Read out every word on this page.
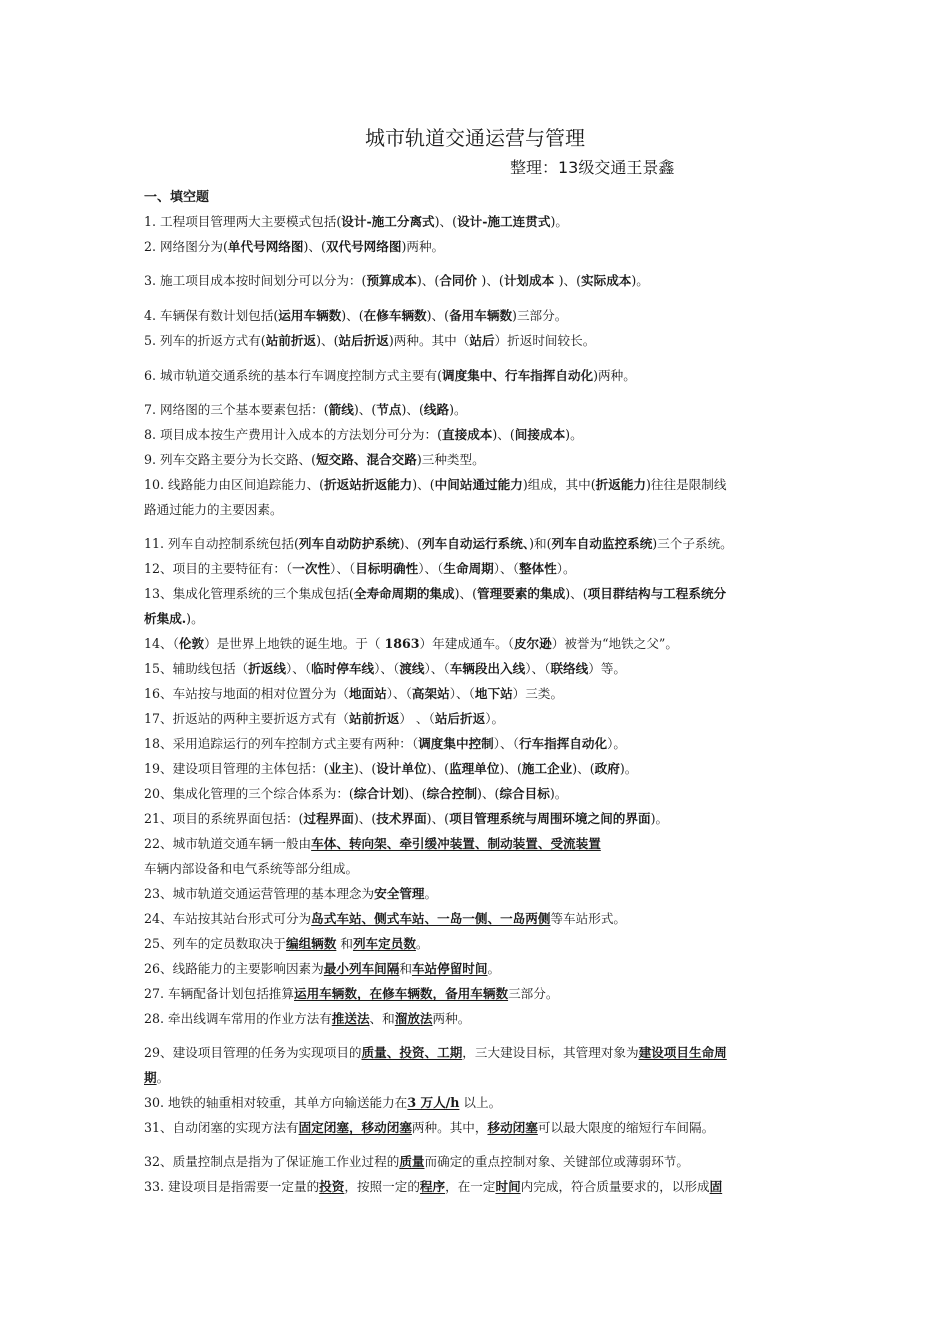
城市轨道交通运营与管理

整理：13级交通王景鑫

一、填空题
1. 工程项目管理两大主要模式包括(设计-施工分离式)、(设计-施工连贯式)。
2. 网络图分为(单代号网络图)、(双代号网络图)两种。
3. 施工项目成本按时间划分可以分为：(预算成本)、(合同价 )、(计划成本 )、(实际成本)。
4. 车辆保有数计划包括(运用车辆数)、(在修车辆数)、(备用车辆数)三部分。
5. 列车的折返方式有(站前折返)、(站后折返)两种。其中（站后）折返时间较长。
6. 城市轨道交通系统的基本行车调度控制方式主要有(调度集中、行车指挥自动化)两种。
7. 网络图的三个基本要素包括：(箭线)、(节点)、(线路)。
8. 项目成本按生产费用计入成本的方法划分可分为：(直接成本)、(间接成本)。
9. 列车交路主要分为长交路、(短交路、混合交路)三种类型。
10. 线路能力由区间追踪能力、(折返站折返能力)、(中间站通过能力)组成，其中(折返能力)往往是限制线
路通过能力的主要因素。
11. 列车自动控制系统包括(列车自动防护系统)、(列车自动运行系统、)和(列车自动监控系统)三个子系统。
12、项目的主要特征有：（一次性）、（目标明确性）、（生命周期）、（整体性）。
13、集成化管理系统的三个集成包括(全寿命周期的集成)、(管理要素的集成)、(项目群结构与工程系统分
析集成.)。
14、（伦敦）是世界上地铁的诞生地。于（ 1863）年建成通车。（皮尔逊）被誉为“地铁之父”。
15、辅助线包括（折返线）、（临时停车线）、（渡线）、（车辆段出入线）、（联络线）等。
16、车站按与地面的相对位置分为（地面站）、（高架站）、（地下站）三类。
17、折返站的两种主要折返方式有（站前折返） 、（站后折返）。
18、采用追踪运行的列车控制方式主要有两种：（调度集中控制）、（行车指挥自动化）。
19、建设项目管理的主体包括：(业主)、(设计单位)、(监理单位)、(施工企业)、(政府)。
20、集成化管理的三个综合体系为：(综合计划)、(综合控制)、(综合目标)。
21、项目的系统界面包括：(过程界面)、(技术界面)、(项目管理系统与周围环境之间的界面)。
22、城市轨道交通车辆一般由车体、转向架、牵引缓冲装置、制动装置、受流装置
车辆内部设备和电气系统等部分组成。
23、城市轨道交通运营管理的基本理念为安全管理。
24、车站按其站台形式可分为岛式车站、侧式车站、一岛一侧、一岛两侧等车站形式。
25、列车的定员数取决于编组辆数 和列车定员数。
26、线路能力的主要影响因素为最小列车间隔和车站停留时间。
27. 车辆配备计划包括推算运用车辆数，在修车辆数，备用车辆数三部分。
28. 牵出线调车常用的作业方法有推送法、和溜放法两种。
29、建设项目管理的任务为实现项目的质量、投资、工期，三大建设目标，其管理对象为建设项目生命周
期。
30. 地铁的轴重相对较重，其单方向输送能力在3 万人/h 以上。
31、自动闭塞的实现方法有固定闭塞，移动闭塞两种。其中，移动闭塞可以最大限度的缩短行车间隔。
32、质量控制点是指为了保证施工作业过程的质量而确定的重点控制对象、关键部位或薄弱环节。
33. 建设项目是指需要一定量的投资，按照一定的程序，在一定时间内完成，符合质量要求的，以形成固
